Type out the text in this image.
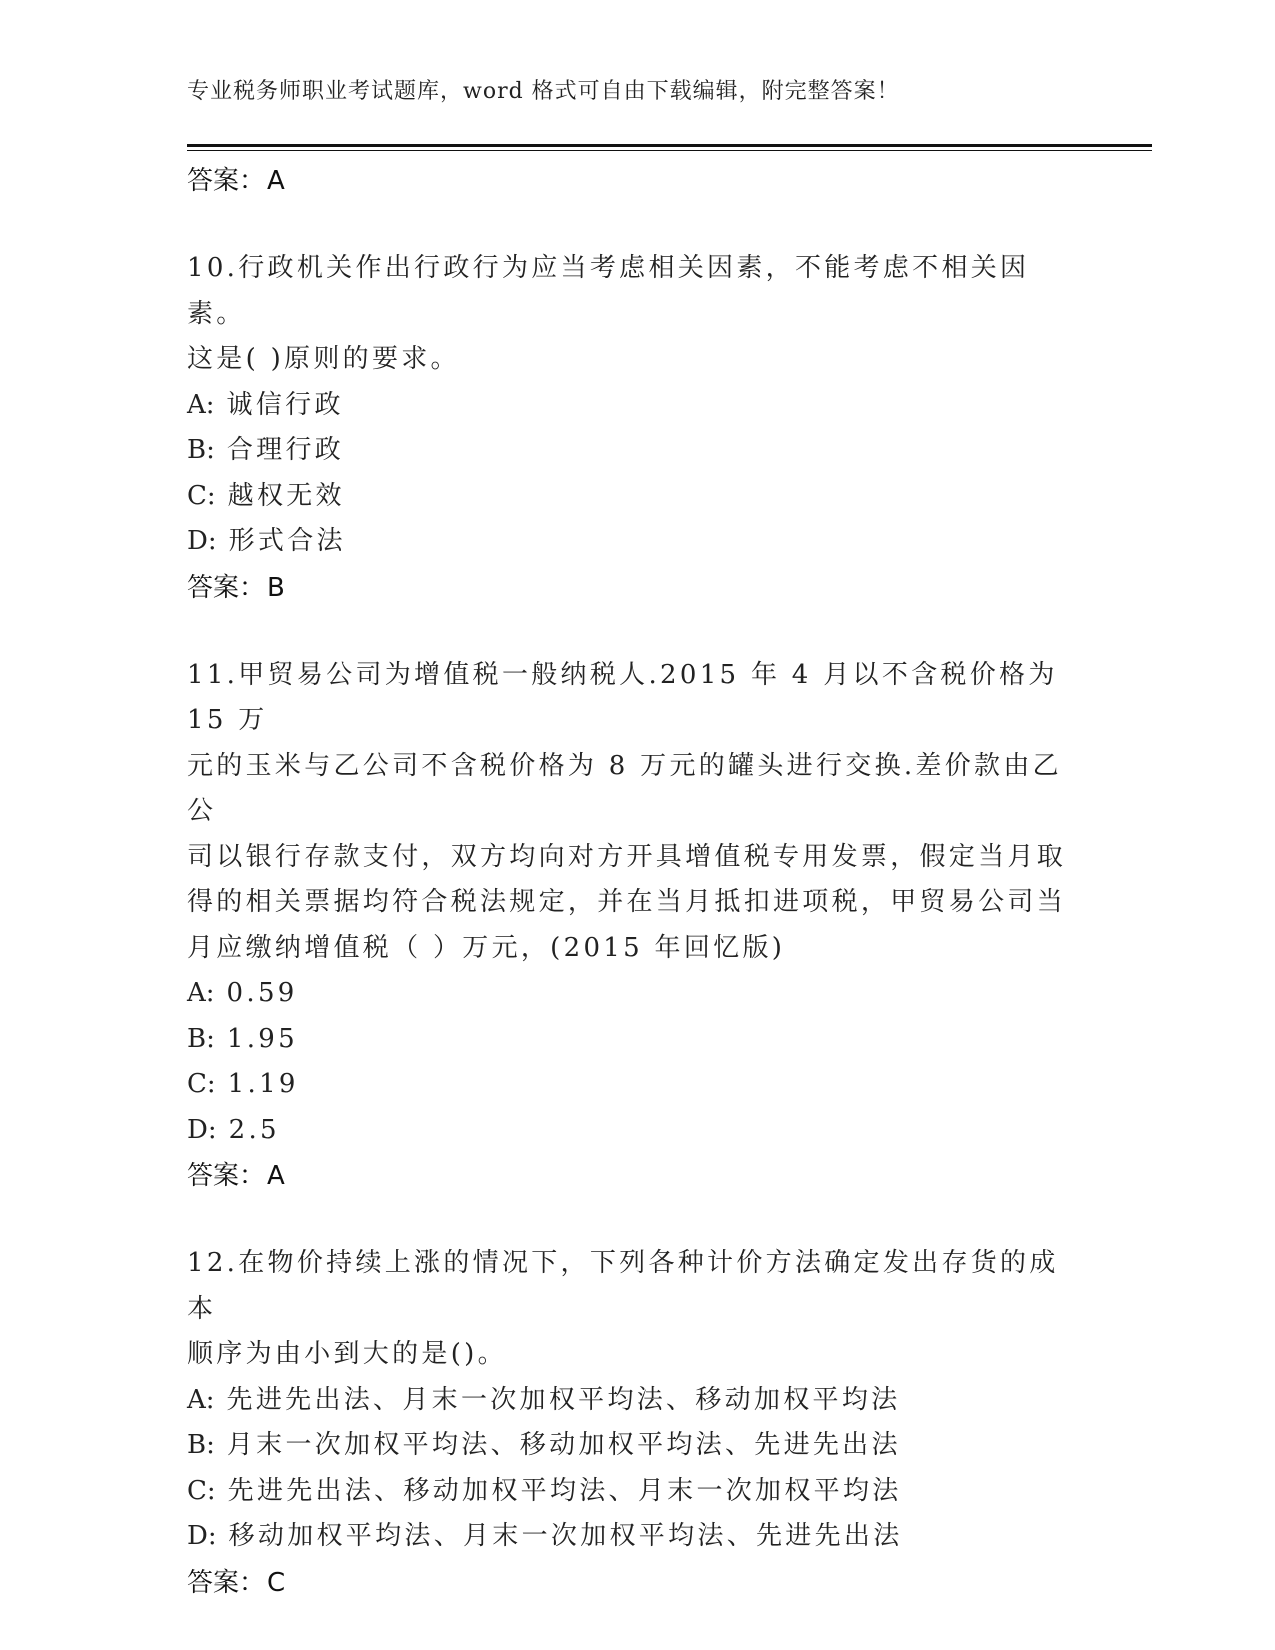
专业税务师职业考试题库，word 格式可自由下载编辑，附完整答案！
答案：A
10.行政机关作出行政行为应当考虑相关因素，不能考虑不相关因素。
这是( )原则的要求。
A: 诚信行政
B: 合理行政
C: 越权无效
D: 形式合法
答案：B
11.甲贸易公司为增值税一般纳税人.2015 年 4 月以不含税价格为 15 万
元的玉米与乙公司不含税价格为 8 万元的罐头进行交换.差价款由乙公
司以银行存款支付，双方均向对方开具增值税专用发票，假定当月取
得的相关票据均符合税法规定，并在当月抵扣进项税，甲贸易公司当
月应缴纳增值税（ ）万元，(2015 年回忆版)
A: 0.59
B: 1.95
C: 1.19
D: 2.5
答案：A
12.在物价持续上涨的情况下，下列各种计价方法确定发出存货的成本
顺序为由小到大的是()。
A: 先进先出法、月末一次加权平均法、移动加权平均法
B: 月末一次加权平均法、移动加权平均法、先进先出法
C: 先进先出法、移动加权平均法、月末一次加权平均法
D: 移动加权平均法、月末一次加权平均法、先进先出法
答案：C
